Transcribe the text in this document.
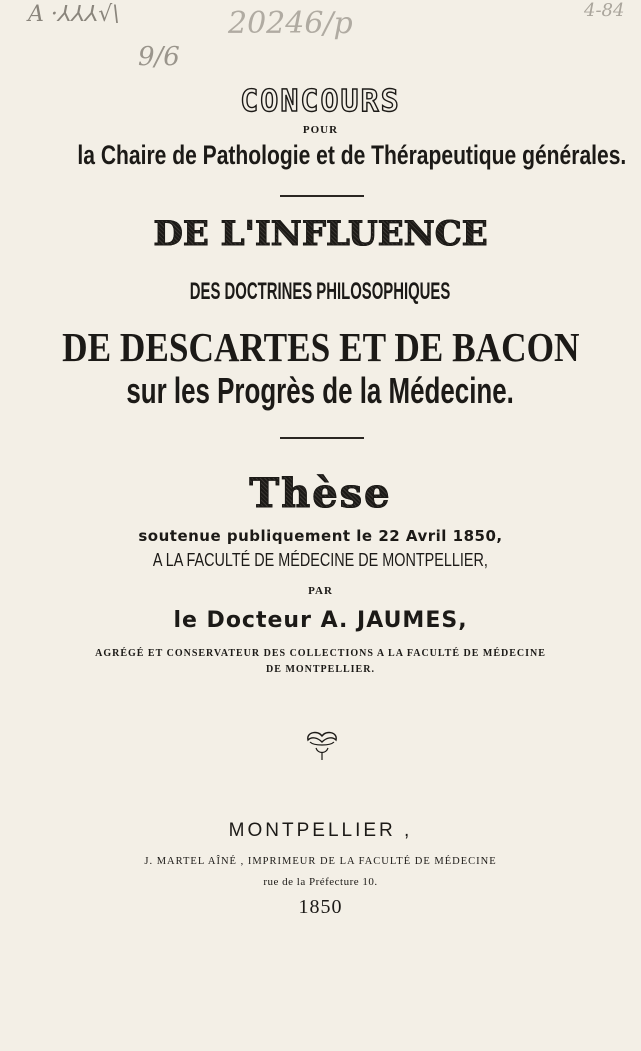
A ·⅄⅄⅄√\	20246/p
9/6
4-84
CONCOURS
POUR
la Chaire de Pathologie et de Thérapeutique générales.
DE L'INFLUENCE
DES DOCTRINES PHILOSOPHIQUES
DE DESCARTES ET DE BACON
sur les Progrès de la Médecine.
Thèse
soutenue publiquement le 22 Avril 1850,
A LA FACULTÉ DE MÉDECINE DE MONTPELLIER,
PAR
le Docteur A. JAUMES,
AGRÉGÉ ET CONSERVATEUR DES COLLECTIONS A LA FACULTÉ DE MÉDECINE
DE MONTPELLIER.
MONTPELLIER ,
J. MARTEL AÎNÉ , IMPRIMEUR DE LA FACULTÉ DE MÉDECINE
rue de la Préfecture 10.
1850
